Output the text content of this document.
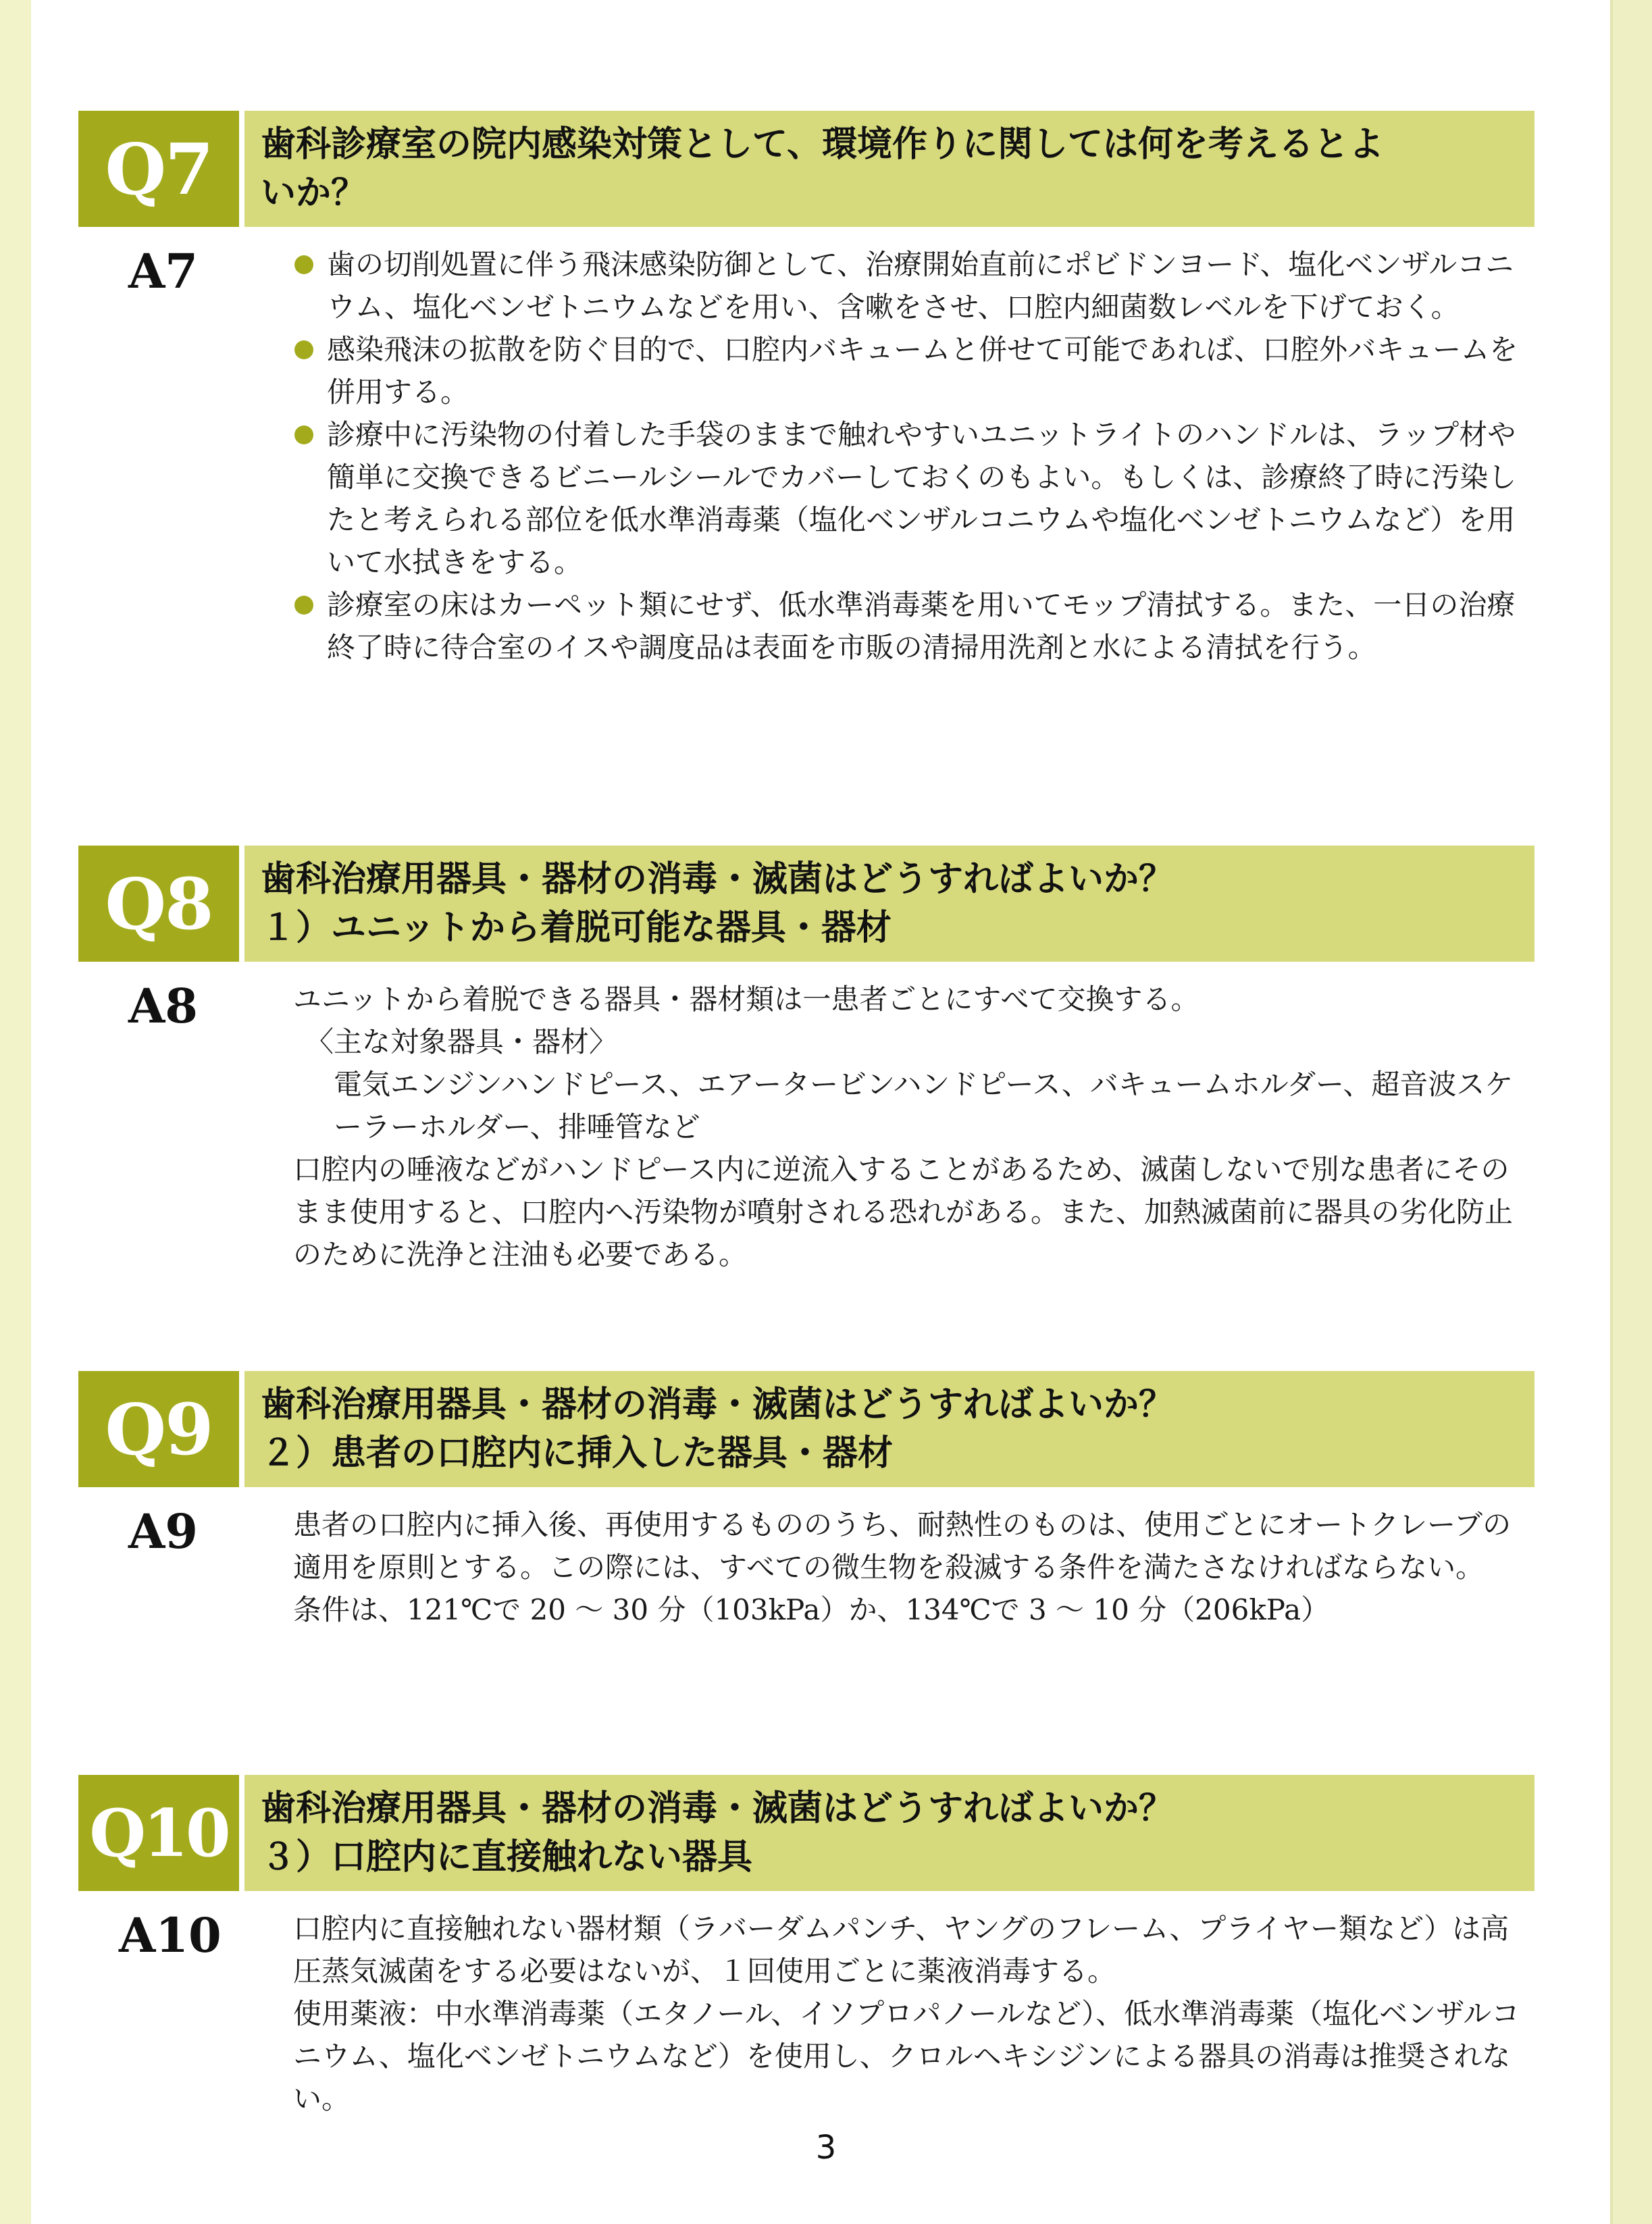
Q7	歯科診療室の院内感染対策として、環境作りに関しては何を考えるとよ
いか？
A7	歯の切削処置に伴う飛沫感染防御として、治療開始直前にポビドンヨード、塩化ベンザルコニウム、塩化ベンゼトニウムなどを用い、含嗽をさせ、口腔内細菌数レベルを下げておく。

感染飛沫の拡散を防ぐ目的で、口腔内バキュームと併せて可能であれば、口腔外バキュームを併用する。

診療中に汚染物の付着した手袋のままで触れやすいユニットライトのハンドルは、ラップ材や簡単に交換できるビニールシールでカバーしておくのもよい。もしくは、診療終了時に汚染したと考えられる部位を低水準消毒薬（塩化ベンザルコニウムや塩化ベンゼトニウムなど）を用いて水拭きをする。

診療室の床はカーペット類にせず、低水準消毒薬を用いてモップ清拭する。また、一日の治療終了時に待合室のイスや調度品は表面を市販の清掃用洗剤と水による清拭を行う。

Q8	歯科治療用器具・器材の消毒・滅菌はどうすればよいか？
１）ユニットから着脱可能な器具・器材
A8	ユニットから着脱できる器具・器材類は一患者ごとにすべて交換する。

〈主な対象器具・器材〉

電気エンジンハンドピース、エアータービンハンドピース、バキュームホルダー、超音波スケーラーホルダー、排唾管など

口腔内の唾液などがハンドピース内に逆流入することがあるため、滅菌しないで別な患者にそのまま使用すると、口腔内へ汚染物が噴射される恐れがある。また、加熱滅菌前に器具の劣化防止のために洗浄と注油も必要である。

Q9	歯科治療用器具・器材の消毒・滅菌はどうすればよいか？
２）患者の口腔内に挿入した器具・器材
A9	患者の口腔内に挿入後、再使用するもののうち、耐熱性のものは、使用ごとにオートクレーブの適用を原則とする。この際には、すべての微生物を殺滅する条件を満たさなければならない。

条件は、121℃で 20 ～ 30 分（103kPa）か、134℃で 3 ～ 10 分（206kPa）

Q10 歯科治療用器具・器材の消毒・滅菌はどうすればよいか？
３）口腔内に直接触れない器具
A10	口腔内に直接触れない器材類（ラバーダムパンチ、ヤングのフレーム、プライヤー類など）は高圧蒸気滅菌をする必要はないが、１回使用ごとに薬液消毒する。

使用薬液：中水準消毒薬（エタノール、イソプロパノールなど）、低水準消毒薬（塩化ベンザルコニウム、塩化ベンゼトニウムなど）を使用し、クロルヘキシジンによる器具の消毒は推奨されない。

3
